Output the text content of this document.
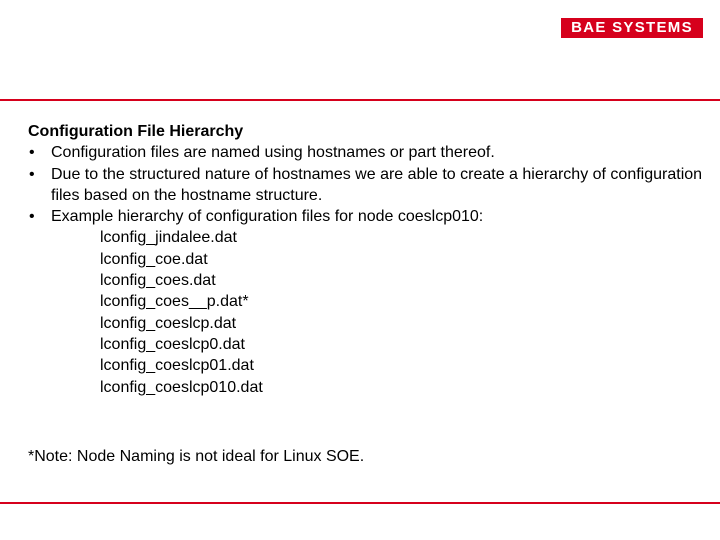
BAE SYSTEMS
Configuration File Hierarchy
• Configuration files are named using hostnames or part thereof.
• Due to the structured nature of hostnames we are able to create a hierarchy of configuration files based on the hostname structure.
• Example hierarchy of configuration files for node coeslcp010:
lconfig_jindalee.dat
lconfig_coe.dat
lconfig_coes.dat
lconfig_coes__p.dat*
lconfig_coeslcp.dat
lconfig_coeslcp0.dat
lconfig_coeslcp01.dat
lconfig_coeslcp010.dat
*Note: Node Naming is not ideal for Linux SOE.
